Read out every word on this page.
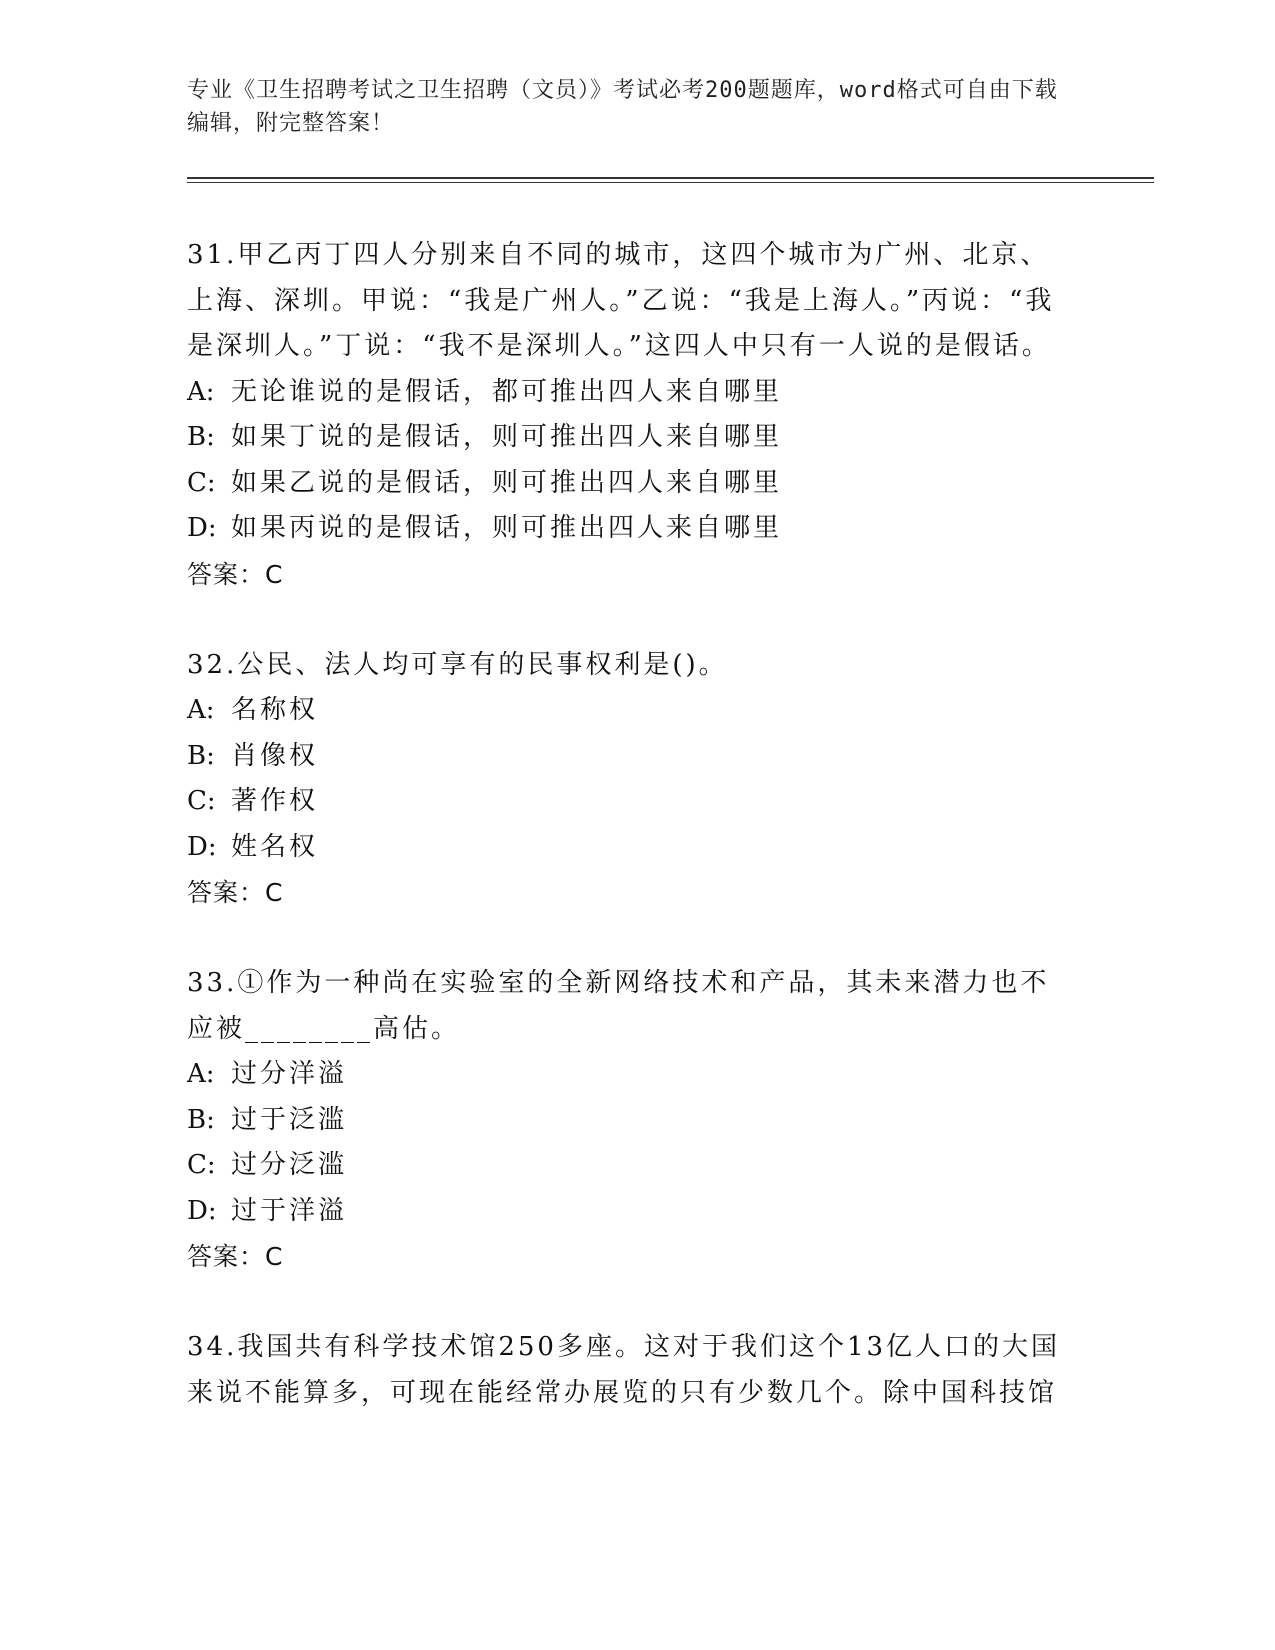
专业《卫生招聘考试之卫生招聘（文员）》考试必考200题题库，word格式可自由下载编辑，附完整答案！
31.甲乙丙丁四人分别来自不同的城市，这四个城市为广州、北京、上海、深圳。甲说：“我是广州人。”乙说：“我是上海人。”丙说：“我是深圳人。”丁说：“我不是深圳人。”这四人中只有一人说的是假话。
A: 无论谁说的是假话，都可推出四人来自哪里
B: 如果丁说的是假话，则可推出四人来自哪里
C: 如果乙说的是假话，则可推出四人来自哪里
D: 如果丙说的是假话，则可推出四人来自哪里
答案：C
32.公民、法人均可享有的民事权利是()。
A: 名称权
B: 肖像权
C: 著作权
D: 姓名权
答案：C
33.①作为一种尚在实验室的全新网络技术和产品，其未来潜力也不应被________高估。
A: 过分洋溢
B: 过于泛滥
C: 过分泛滥
D: 过于洋溢
答案：C
34.我国共有科学技术馆250多座。这对于我们这个13亿人口的大国来说不能算多，可现在能经常办展览的只有少数几个。除中国科技馆
